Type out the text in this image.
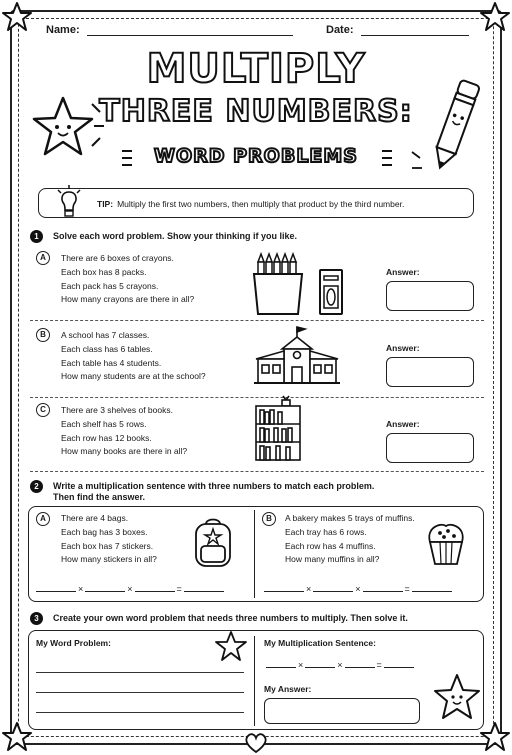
Name:	Date:
MULTIPLY
THREE NUMBERS:
WORD PROBLEMS
TIP: Multiply the first two numbers, then multiply that product by the third number.
1	Solve each word problem. Show your thinking if you like.
A	There are 6 boxes of crayons.
Each box has 8 packs.
Each pack has 5 crayons.
How many crayons are there in all?
Answer:
B	A school has 7 classes.
Each class has 6 tables.
Each table has 4 students.
How many students are at the school?
Answer:
C	There are 3 shelves of books.
Each shelf has 5 rows.
Each row has 12 books.
How many books are there in all?
Answer:
2	Write a multiplication sentence with three numbers to match each problem.
Then find the answer.
A	There are 4 bags.
Each bag has 3 boxes.
Each box has 7 stickers.
How many stickers in all?
×	×	=
B	A bakery makes 5 trays of muffins.
Each tray has 6 rows.
Each row has 4 muffins.
How many muffins in all?
×	×	=
3	Create your own word problem that needs three numbers to multiply. Then solve it.
My Word Problem:	My Multiplication Sentence:
×	×	=
My Answer:
